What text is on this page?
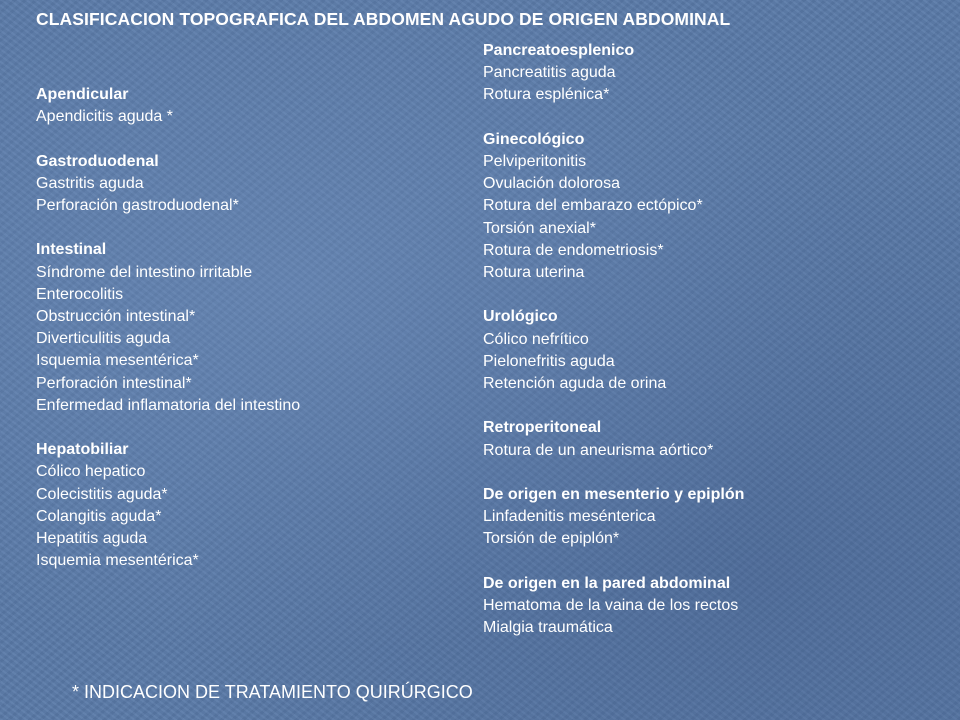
CLASIFICACION TOPOGRAFICA DEL ABDOMEN AGUDO DE ORIGEN ABDOMINAL
Apendicular
Apendicitis aguda *
Gastroduodenal
Gastritis aguda
Perforación gastroduodenal*
Intestinal
Síndrome del intestino irritable
Enterocolitis
Obstrucción intestinal*
Diverticulitis aguda
Isquemia mesentérica*
Perforación intestinal*
Enfermedad inflamatoria del intestino
Hepatobiliar
Cólico hepatico
Colecistitis aguda*
Colangitis aguda*
Hepatitis aguda
Isquemia mesentérica*
Pancreatoesplenico
Pancreatitis aguda
Rotura esplénica*
Ginecológico
Pelviperitonitis
Ovulación dolorosa
Rotura del embarazo ectópico*
Torsión anexial*
Rotura de endometriosis*
Rotura uterina
Urológico
Cólico nefrítico
Pielonefritis aguda
Retención aguda de orina
Retroperitoneal
Rotura de un aneurisma aórtico*
De origen en mesenterio y epiplón
Linfadenitis mesénterica
Torsión de epiplón*
De origen en la pared abdominal
Hematoma de la vaina de los rectos
Mialgia traumática
* INDICACION DE TRATAMIENTO QUIRÚRGICO
